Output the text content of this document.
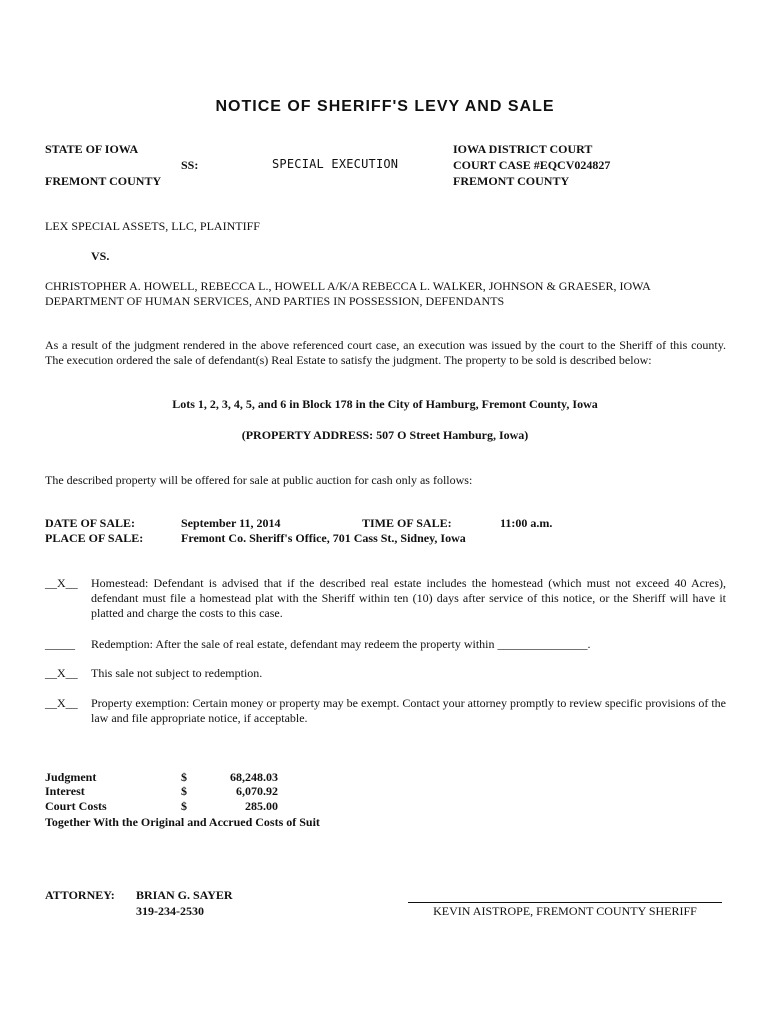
NOTICE OF SHERIFF'S LEVY AND SALE
STATE OF IOWA
FREMONT COUNTY
SS:	SPECIAL EXECUTION
IOWA DISTRICT COURT
COURT CASE #EQCV024827
FREMONT COUNTY
LEX SPECIAL ASSETS, LLC, PLAINTIFF
VS.
CHRISTOPHER A. HOWELL, REBECCA L., HOWELL A/K/A REBECCA L. WALKER, JOHNSON & GRAESER, IOWA
DEPARTMENT OF HUMAN SERVICES, AND PARTIES IN POSSESSION, DEFENDANTS
As a result of the judgment rendered in the above referenced court case, an execution was issued by the court to the Sheriff of this county. The execution ordered the sale of defendant(s) Real Estate to satisfy the judgment. The property to be sold is described below:
Lots 1, 2, 3, 4, 5, and 6 in Block 178 in the City of Hamburg, Fremont County, Iowa
(PROPERTY ADDRESS: 507 O Street Hamburg, Iowa)
The described property will be offered for sale at public auction for cash only as follows:
DATE OF SALE:	September 11, 2014	TIME OF SALE:	11:00 a.m.
PLACE OF SALE:	Fremont Co. Sheriff's Office, 701 Cass St., Sidney, Iowa
__X__ Homestead: Defendant is advised that if the described real estate includes the homestead (which must not exceed 40 Acres), defendant must file a homestead plat with the Sheriff within ten (10) days after service of this notice, or the Sheriff will have it platted and charge the costs to this case.
_____ Redemption: After the sale of real estate, defendant may redeem the property within _______________.
__X__ This sale not subject to redemption.
__X__ Property exemption: Certain money or property may be exempt. Contact your attorney promptly to review specific provisions of the law and file appropriate notice, if acceptable.
Judgment	$	68,248.03
Interest	$	6,070.92
Court Costs	$	285.00
Together With the Original and Accrued Costs of Suit
ATTORNEY: BRIAN G. SAYER
319-234-2530	KEVIN AISTROPE, FREMONT COUNTY SHERIFF
